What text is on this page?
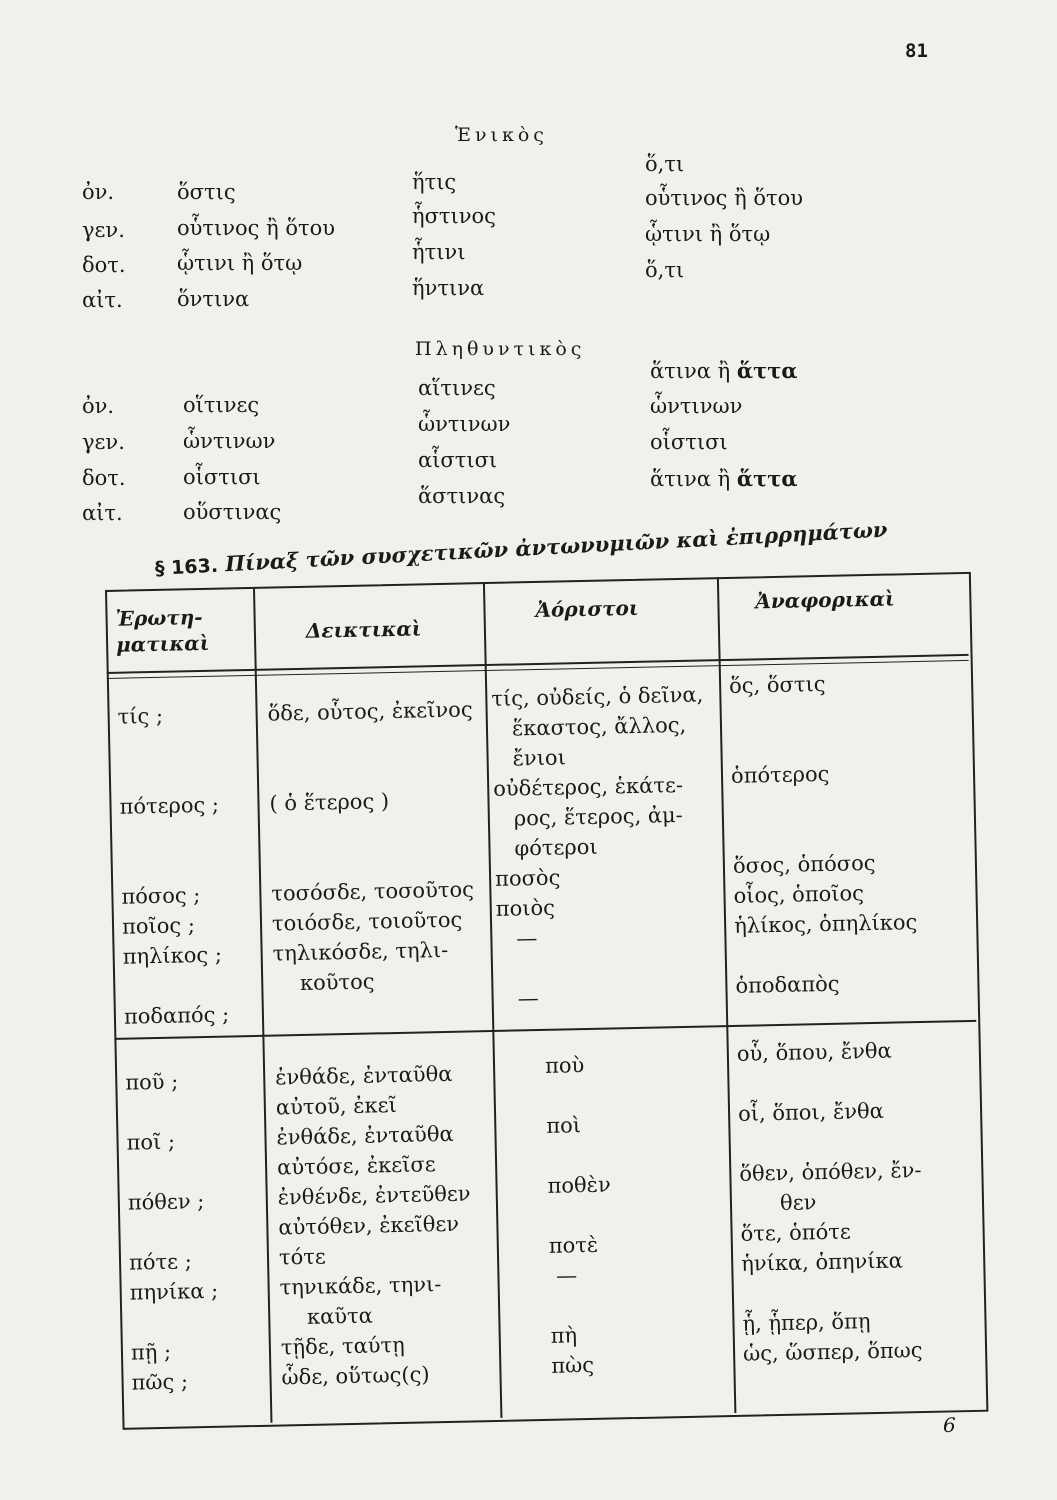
81
Ἑνικὸς
ὀν.
γεν.
δοτ.
αἰτ.
ὅστις
οὗτινος ἢ ὅτου
ᾧτινι ἢ ὅτῳ
ὅντινα
ἥτις
ἧστινος
ἧτινι
ἥντινα
ὅ,τι
οὗτινος ἢ ὅτου
ᾧτινι ἢ ὅτῳ
ὅ,τι
Πληθυντικὸς
ὀν.
γεν.
δοτ.
αἰτ.
οἵτινες
ὧντινων
οἷστισι
οὕστινας
αἵτινες
ὧντινων
αἷστισι
ἅστινας
ἅτινα ἢ ἅττα
ὧντινων
οἷστισι
ἅτινα ἢ ἅττα
§ 163. Πίναξ τῶν συσχετικῶν ἀντωνυμιῶν καὶ ἐπιρρημάτων
Ἐρωτη-
ματικαὶ
Δεικτικαὶ
Ἀόριστοι	Ἀναφορικαὶ
τίς ;

πότερος ;

πόσος ;
ποῖος ;
πηλίκος ;

ποδαπός ;
ὅδε, οὗτος, ἐκεῖνος

( ὁ ἕτερος )

τοσόσδε, τοσοῦτος
τοιόσδε, τοιοῦτος
τηλικόσδε, τηλι-
κοῦτος
τίς, οὐδείς, ὁ δεῖνα,
ἕκαστος, ἄλλος,
ἔνιοι
οὐδέτερος, ἑκάτε-
ρος, ἕτερος, ἀμ-
φότεροι
ποσὸς
ποιὸς
—

—
ὅς, ὅστις

ὁπότερος

ὅσος, ὁπόσος
οἷος, ὁποῖος
ἡλίκος, ὁπηλίκος

ὁποδαπὸς
ποῦ ;

ποῖ ;

πόθεν ;

πότε ;
πηνίκα ;

πῇ ;
πῶς ;
ἐνθάδε, ἐνταῦθα
αὐτοῦ, ἐκεῖ
ἐνθάδε, ἐνταῦθα
αὐτόσε, ἐκεῖσε
ἐνθένδε, ἐντεῦθεν
αὐτόθεν, ἐκεῖθεν
τότε
τηνικάδε, τηνι-
καῦτα
τῇδε, ταύτῃ
ὧδε, οὕτως(ς)
ποὺ

ποὶ

ποθὲν

ποτὲ
—

πὴ
πὼς
οὗ, ὅπου, ἔνθα

οἷ, ὅποι, ἔνθα

ὅθεν, ὁπόθεν, ἔν-
θεν
ὅτε, ὁπότε
ἡνίκα, ὁπηνίκα

ᾗ, ᾗπερ, ὅπῃ
ὡς, ὥσπερ, ὅπως
6
